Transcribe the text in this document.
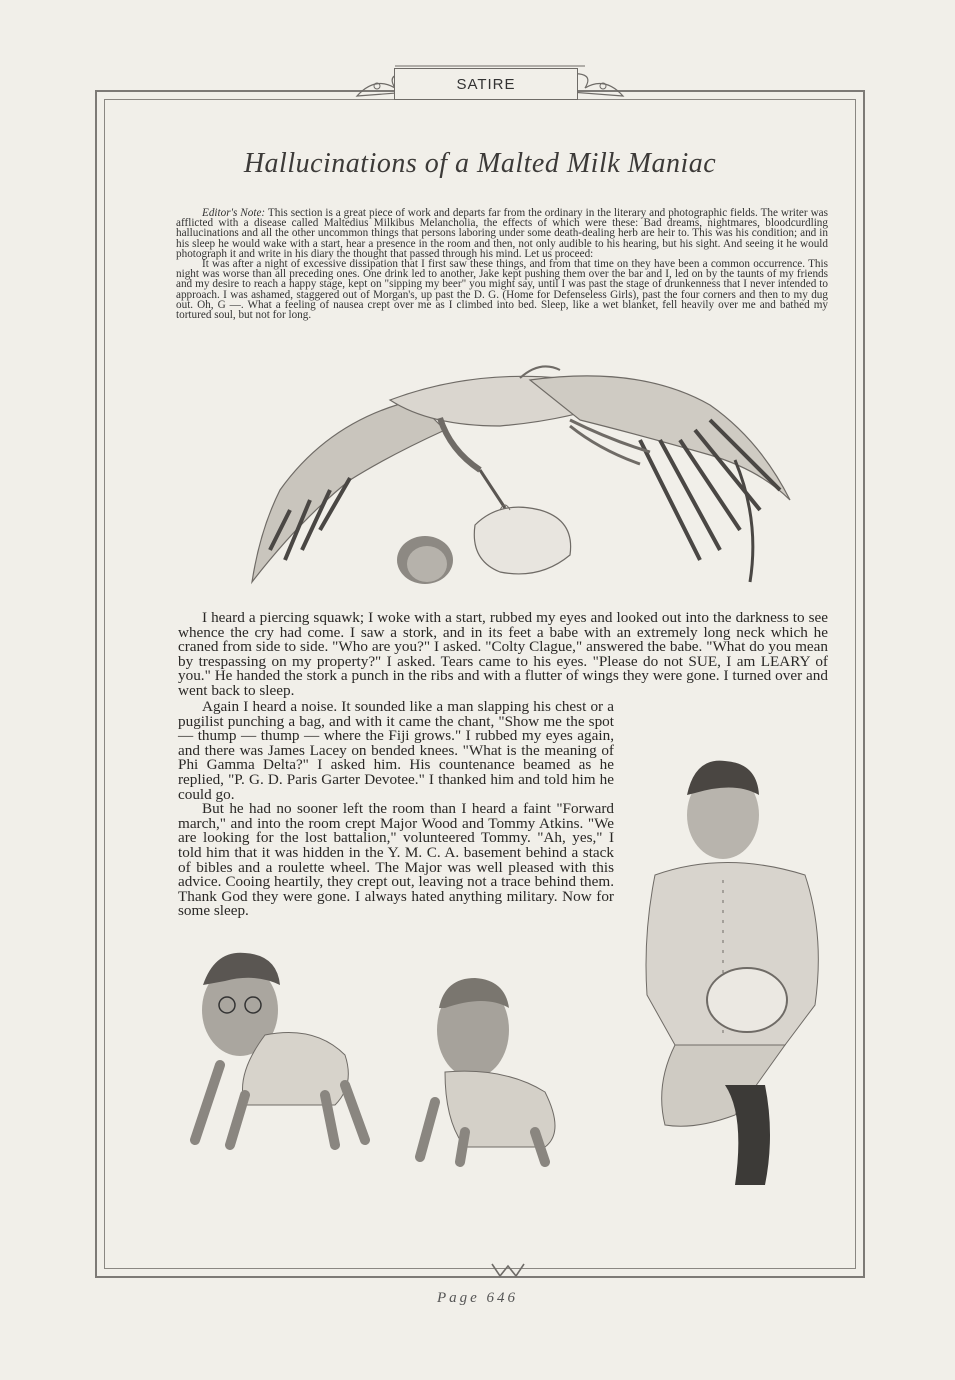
SATIRE
Hallucinations of a Malted Milk Maniac

Editor's Note: This section is a great piece of work and departs far from the ordinary in the literary and photographic fields. The writer was afflicted with a disease called Maltedius Milkibus Melancholia, the effects of which were these: Bad dreams, nightmares, bloodcurdling hallucinations and all the other uncommon things that persons laboring under some death-dealing herb are heir to. This was his condition; and in his sleep he would wake with a start, hear a presence in the room and then, not only audible to his hearing, but his sight. And seeing it he would photograph it and write in his diary the thought that passed through his mind. Let us proceed:

It was after a night of excessive dissipation that I first saw these things, and from that time on they have been a common occurrence. This night was worse than all preceding ones. One drink led to another, Jake kept pushing them over the bar and I, led on by the taunts of my friends and my desire to reach a happy stage, kept on "sipping my beer" you might say, until I was past the stage of drunkenness that I never intended to approach. I was ashamed, staggered out of Morgan's, up past the D. G. (Home for Defenseless Girls), past the four corners and then to my dug out. Oh, G —. What a feeling of nausea crept over me as I climbed into bed. Sleep, like a wet blanket, fell heavily over me and bathed my tortured soul, but not for long.

I heard a piercing squawk; I woke with a start, rubbed my eyes and looked out into the darkness to see whence the cry had come. I saw a stork, and in its feet a babe with an extremely long neck which he craned from side to side. "Who are you?" I asked. "Colty Clague," answered the babe. "What do you mean by trespassing on my property?" I asked. Tears came to his eyes. "Please do not SUE, I am LEARY of you." He handed the stork a punch in the ribs and with a flutter of wings they were gone. I turned over and went back to sleep.

Again I heard a noise. It sounded like a man slapping his chest or a pugilist punching a bag, and with it came the chant, "Show me the spot — thump — thump — where the Fiji grows." I rubbed my eyes again, and there was James Lacey on bended knees. "What is the meaning of Phi Gamma Delta?" I asked him. His countenance beamed as he replied, "P. G. D. Paris Garter Devotee." I thanked him and told him he could go.

But he had no sooner left the room than I heard a faint "Forward march," and into the room crept Major Wood and Tommy Atkins. "We are looking for the lost battalion," volunteered Tommy. "Ah, yes," I told him that it was hidden in the Y. M. C. A. basement behind a stack of bibles and a roulette wheel. The Major was well pleased with this advice. Cooing heartily, they crept out, leaving not a trace behind them. Thank God they were gone. I always hated anything military. Now for some sleep.

Page 646
